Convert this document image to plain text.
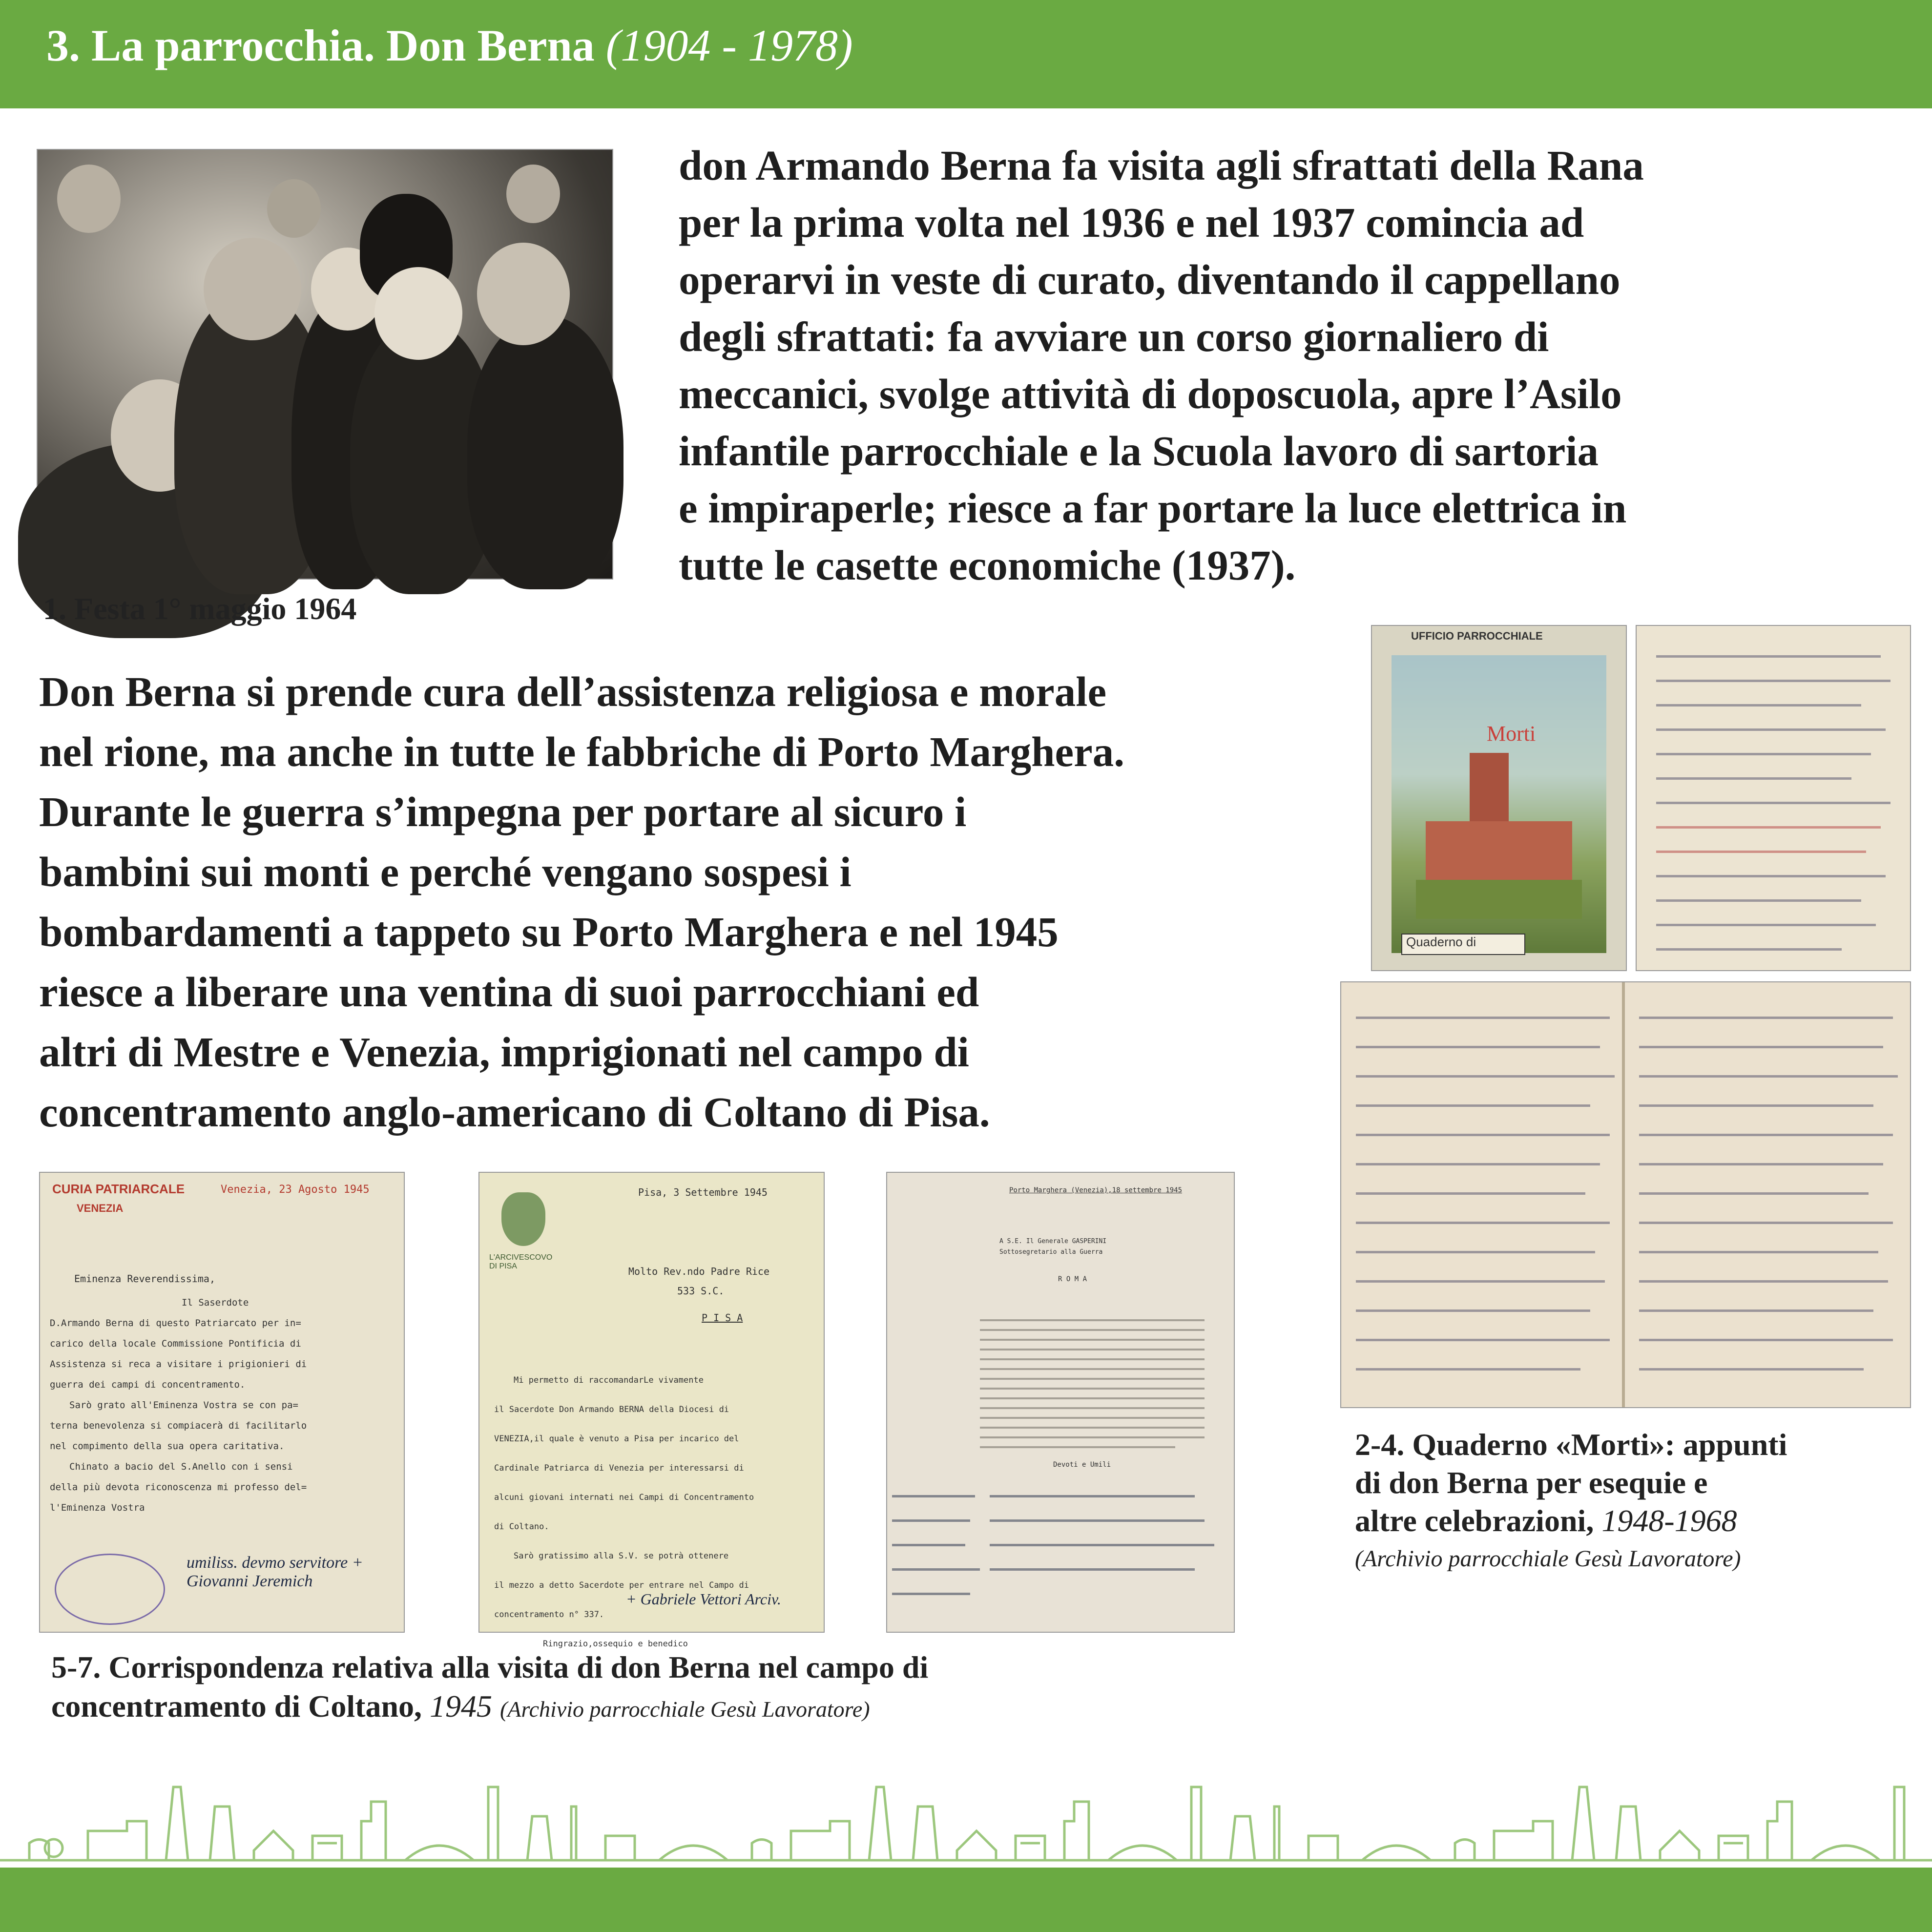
3. La parrocchia. Don Berna (1904 - 1978)
1. Festa 1° maggio 1964
don Armando Berna fa visita agli sfrattati della Rana
per la prima volta nel 1936 e nel 1937 comincia ad
operarvi in veste di curato, diventando il cappellano
degli sfrattati: fa avviare un corso giornaliero di
meccanici, svolge attività di doposcuola, apre l’Asilo
infantile parrocchiale e la Scuola lavoro di sartoria
e impiraperle; riesce a far portare la luce elettrica in
tutte le casette economiche (1937).
Don Berna si prende cura dell’assistenza religiosa e morale
nel rione, ma anche in tutte le fabbriche di Porto Marghera.
Durante le guerra s’impegna per portare al sicuro i
bambini sui monti e perché vengano sospesi i
bombardamenti a tappeto su Porto Marghera e nel 1945
riesce a liberare una ventina di suoi parrocchiani ed
altri di Mestre e Venezia, imprigionati nel campo di
concentramento anglo-americano di Coltano di Pisa.
UFFICIO PARROCCHIALE
Morti
Quaderno di
2-4. Quaderno «Morti»: appunti
di don Berna per esequie e
altre celebrazioni, 1948-1968
(Archivio parrocchiale Gesù Lavoratore)
CURIA PATRIARCALE
VENEZIA
Venezia, 23 Agosto 1945
Eminenza Reverendissima,
Il Saserdote
D.Armando Berna di questo Patriarcato per in=
carico della locale Commissione Pontificia di
Assistenza si reca a visitare i prigionieri di
guerra dei campi di concentramento.
Sarò grato all'Eminenza Vostra se con pa=
terna benevolenza si compiacerà di facilitarlo
nel compimento della sua opera caritativa.
Chinato a bacio del S.Anello con i sensi
della più devota riconoscenza mi professo del=
l'Eminenza Vostra
umiliss. devmo servitore + Giovanni Jeremich
L'ARCIVESCOVO DI PISA
Pisa, 3 Settembre 1945
Molto Rev.ndo Padre Rice
533 S.C.
P I S A
Mi permetto di raccomandarLe vivamente
il Sacerdote Don Armando BERNA della Diocesi di
VENEZIA,il quale è venuto a Pisa per incarico del
Cardinale Patriarca di Venezia per interessarsi di
alcuni giovani internati nei Campi di Concentramento
di Coltano.
Sarò gratissimo alla S.V. se potrà ottenere
il mezzo a detto Sacerdote per entrare nel Campo di
concentramento n° 337.
Ringrazio,ossequio e benedico
+ Gabriele Vettori Arciv.
Porto Marghera (Venezia),18 settembre 1945
A S.E. Il Generale GASPERINI Sottosegretario alla Guerra
R O M A
Devoti e Umili
5-7. Corrispondenza relativa alla visita di don Berna nel campo di
concentramento di Coltano, 1945 (Archivio parrocchiale Gesù Lavoratore)
